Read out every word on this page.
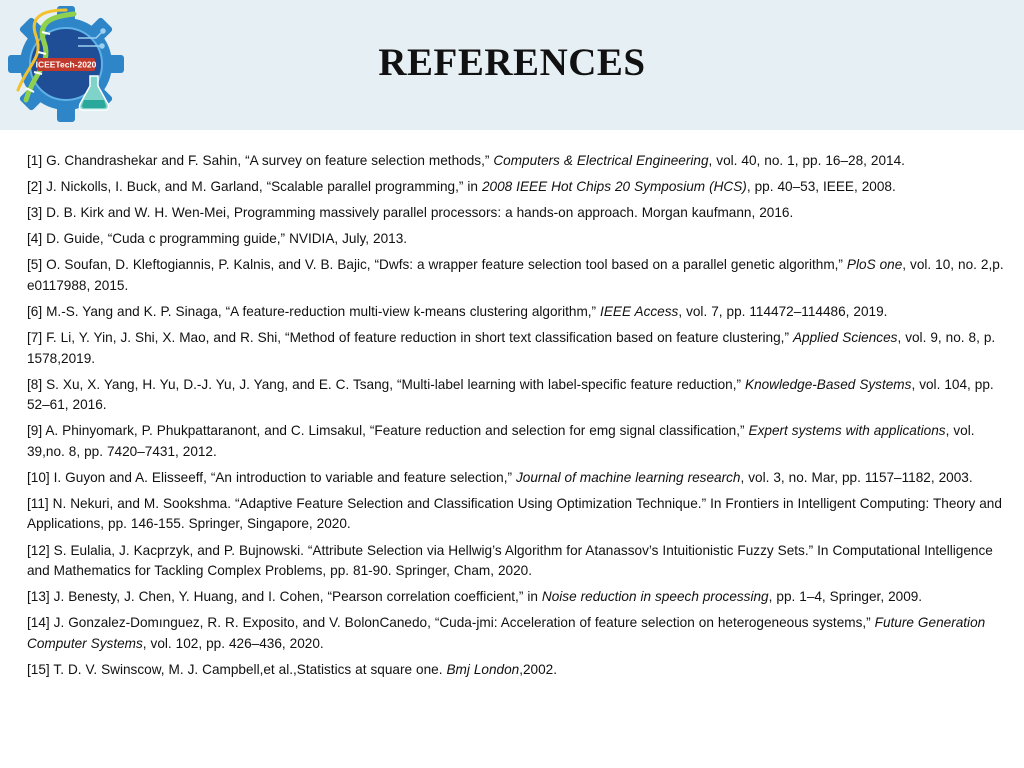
ICEETech-2020	REFERENCES

[1] G. Chandrashekar and F. Sahin, “A survey on feature selection methods,” Computers & Electrical Engineering, vol. 40, no. 1, pp. 16–28, 2014.

[2] J. Nickolls, I. Buck, and M. Garland, “Scalable parallel programming,” in 2008 IEEE Hot Chips 20 Symposium (HCS), pp. 40–53, IEEE, 2008.

[3] D. B. Kirk and W. H. Wen-Mei, Programming massively parallel processors: a hands-on approach. Morgan kaufmann, 2016.

[4] D. Guide, “Cuda c programming guide,” NVIDIA, July, 2013.

[5] O. Soufan, D. Kleftogiannis, P. Kalnis, and V. B. Bajic, “Dwfs: a wrapper feature selection tool based on a parallel genetic algorithm,” PloS one, vol. 10, no. 2,p. e0117988, 2015.

[6] M.-S. Yang and K. P. Sinaga, “A feature-reduction multi-view k-means clustering algorithm,” IEEE Access, vol. 7, pp. 114472–114486, 2019.

[7] F. Li, Y. Yin, J. Shi, X. Mao, and R. Shi, “Method of feature reduction in short text classification based on feature clustering,” Applied Sciences, vol. 9, no. 8, p. 1578,2019.

[8] S. Xu, X. Yang, H. Yu, D.-J. Yu, J. Yang, and E. C. Tsang, “Multi-label learning with label-specific feature reduction,” Knowledge-Based Systems, vol. 104, pp. 52–61, 2016.

[9] A. Phinyomark, P. Phukpattaranont, and C. Limsakul, “Feature reduction and selection for emg signal classification,” Expert systems with applications, vol. 39,no. 8, pp. 7420–7431, 2012.

[10] I. Guyon and A. Elisseeff, “An introduction to variable and feature selection,” Journal of machine learning research, vol. 3, no. Mar, pp. 1157–1182, 2003.

[11] N. Nekuri, and M. Sookshma. “Adaptive Feature Selection and Classification Using Optimization Technique.” In Frontiers in Intelligent Computing: Theory and Applications, pp. 146-155. Springer, Singapore, 2020.

[12] S. Eulalia, J. Kacprzyk, and P. Bujnowski. “Attribute Selection via Hellwig’s Algorithm for Atanassov’s Intuitionistic Fuzzy Sets.” In Computational Intelligence and Mathematics for Tackling Complex Problems, pp. 81-90. Springer, Cham, 2020.

[13] J. Benesty, J. Chen, Y. Huang, and I. Cohen, “Pearson correlation coefficient,” in Noise reduction in speech processing, pp. 1–4, Springer, 2009.

[14] J. Gonzalez-Domınguez, R. R. Exposito, and V. BolonCanedo, “Cuda-jmi: Acceleration of feature selection on heterogeneous systems,” Future Generation Computer Systems, vol. 102, pp. 426–436, 2020.

[15] T. D. V. Swinscow, M. J. Campbell,et al.,Statistics at square one. Bmj London,2002.
